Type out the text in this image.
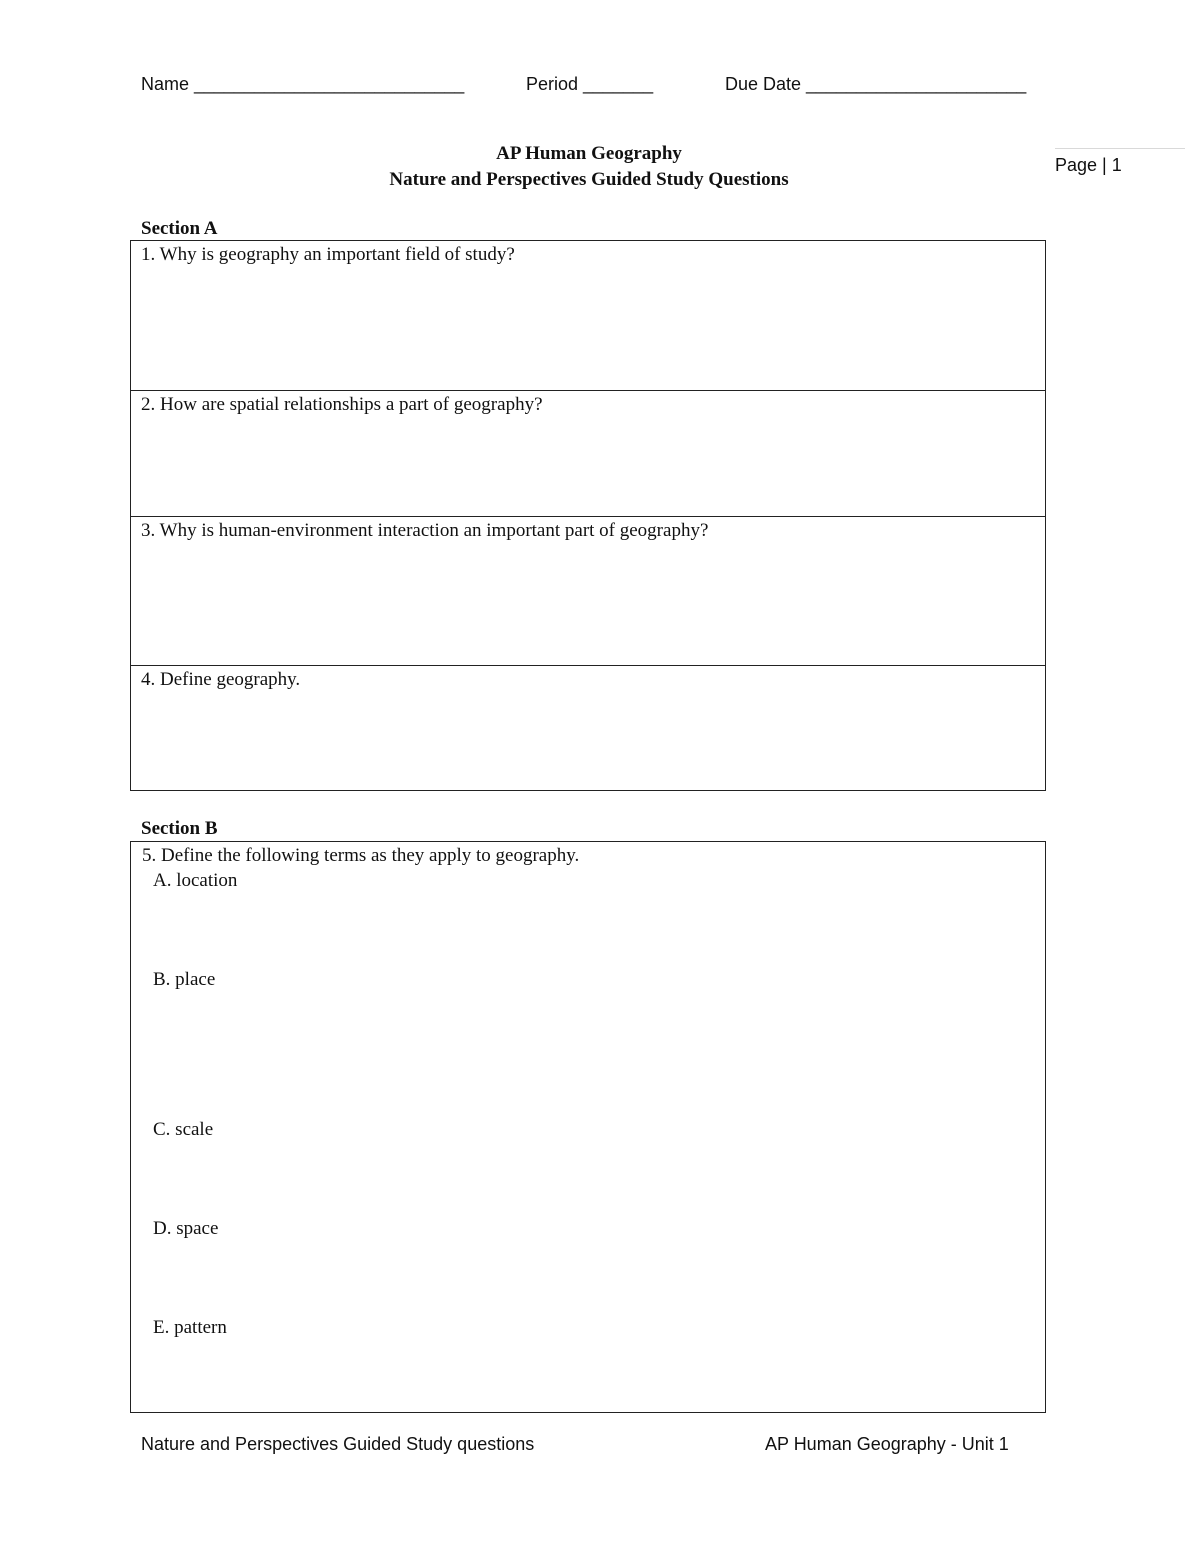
Name ___________________________	Period _______	Due Date ______________________
Page | 1
AP Human Geography
Nature and Perspectives Guided Study Questions
Section A
1. Why is geography an important field of study?
2. How are spatial relationships a part of geography?
3. Why is human-environment interaction an important part of geography?
4. Define geography.
Section B
5. Define the following terms as they apply to geography.
A. location
B. place
C. scale
D. space
E. pattern
Nature and Perspectives Guided Study questions	AP Human Geography - Unit 1
